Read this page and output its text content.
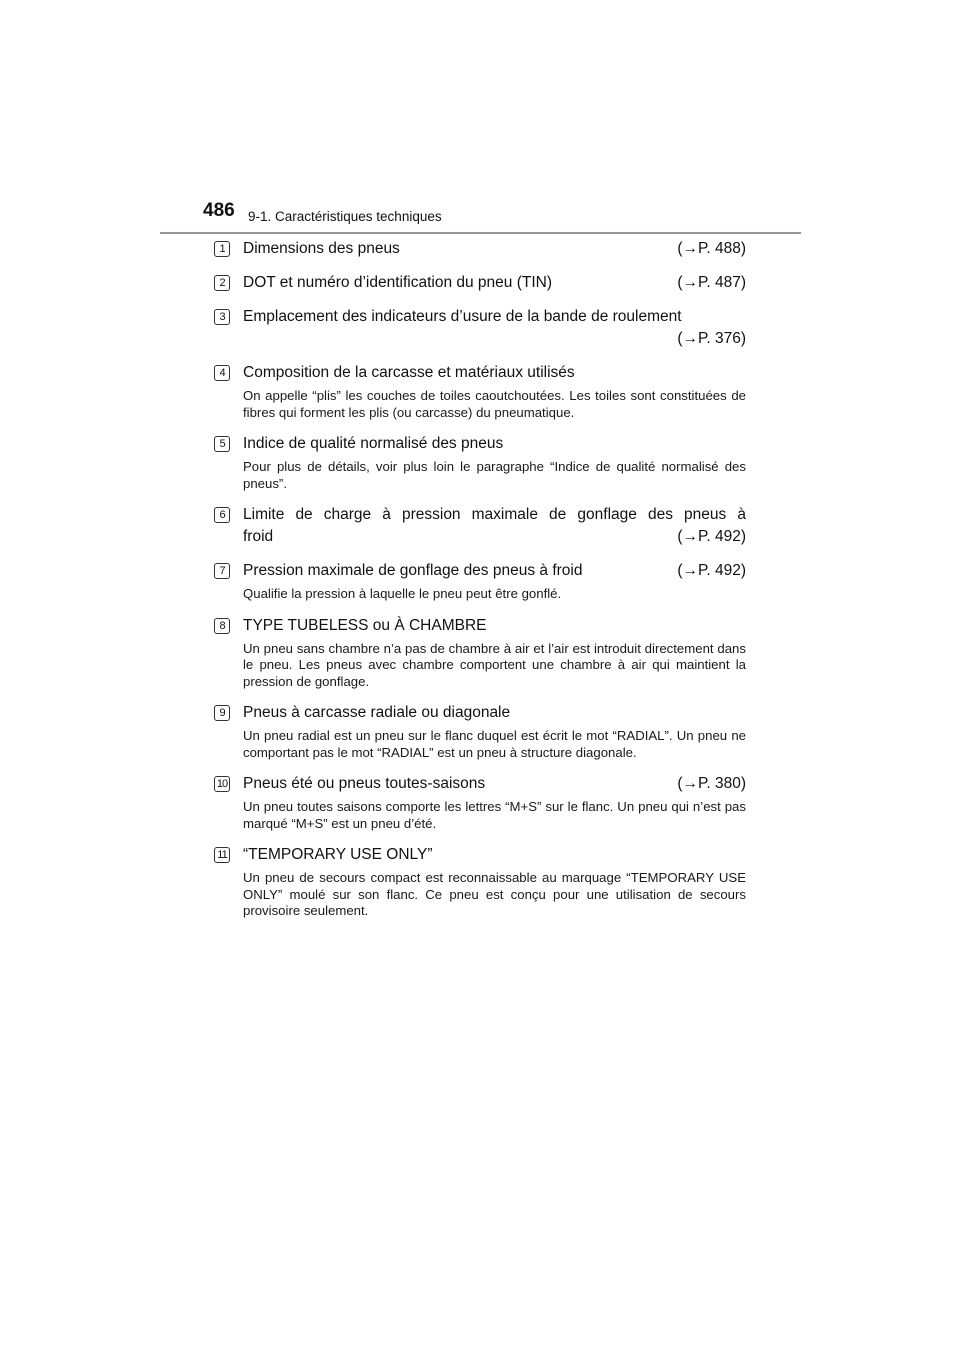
486 9-1. Caractéristiques techniques
1	Dimensions des pneus	(→P. 488)
2	DOT et numéro d’identification du pneu (TIN)	(→P. 487)
3	Emplacement des indicateurs d’usure de la bande de roulement
(→P. 376)
4	Composition de la carcasse et matériaux utilisés
On appelle “plis” les couches de toiles caoutchoutées. Les toiles sont constituées de fibres qui forment les plis (ou carcasse) du pneumatique.
5	Indice de qualité normalisé des pneus
Pour plus de détails, voir plus loin le paragraphe “Indice de qualité normalisé des pneus”.
6	Limite de charge à pression maximale de gonflage des pneus à
froid	(→P. 492)
7	Pression maximale de gonflage des pneus à froid	(→P. 492)
Qualifie la pression à laquelle le pneu peut être gonflé.
8	TYPE TUBELESS ou À CHAMBRE
Un pneu sans chambre n’a pas de chambre à air et l’air est introduit directement dans le pneu. Les pneus avec chambre comportent une chambre à air qui maintient la pression de gonflage.
9	Pneus à carcasse radiale ou diagonale
Un pneu radial est un pneu sur le flanc duquel est écrit le mot “RADIAL”. Un pneu ne comportant pas le mot “RADIAL” est un pneu à structure diagonale.
10 Pneus été ou pneus toutes-saisons	(→P. 380)
Un pneu toutes saisons comporte les lettres “M+S” sur le flanc. Un pneu qui n’est pas marqué “M+S” est un pneu d’été.
11 “TEMPORARY USE ONLY”
Un pneu de secours compact est reconnaissable au marquage “TEMPORARY USE ONLY” moulé sur son flanc. Ce pneu est conçu pour une utilisation de secours provisoire seulement.
